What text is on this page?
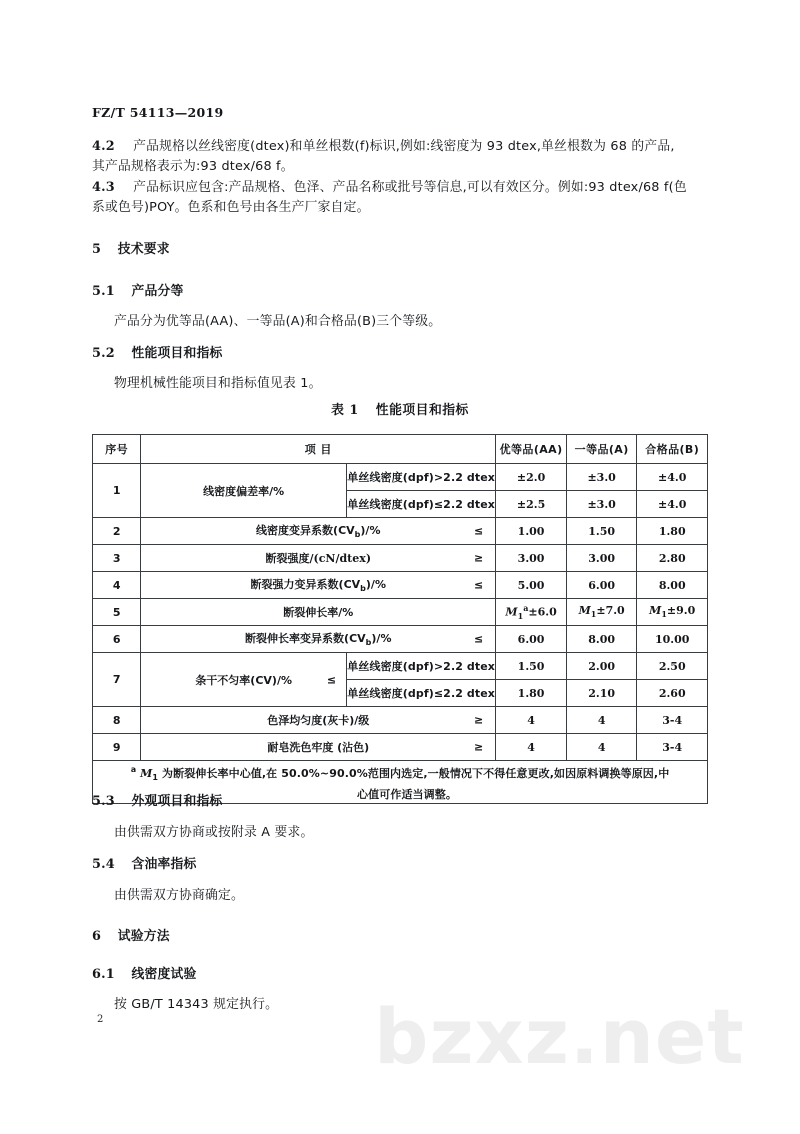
bzxz.net
FZ/T 54113—2019
4.2 产品规格以丝线密度(dtex)和单丝根数(f)标识,例如:线密度为 93 dtex,单丝根数为 68 的产品,
其产品规格表示为:93 dtex/68 f。
4.3 产品标识应包含:产品规格、色泽、产品名称或批号等信息,可以有效区分。例如:93 dtex/68 f(色
系或色号)POY。色系和色号由各生产厂家自定。
5 技术要求
5.1 产品分等
产品分为优等品(AA)、一等品(A)和合格品(B)三个等级。
5.2 性能项目和指标
物理机械性能项目和指标值见表 1。
表 1 性能项目和指标
序号	项 目		优等品(AA)	一等品(A)	合格品(B)
1	线密度偏差率/%	单丝线密度(dpf)>2.2 dtex	±2.0	±3.0	±4.0
		单丝线密度(dpf)≤2.2 dtex	±2.5	±3.0	±4.0
2	线密度变异系数$(CV_b)/\%$ ≤		1.00	1.50	1.80
3	断裂强度/(cN/dtex) ≥		3.00	3.00	2.80
4	断裂强力变异系数$(CV_b)/\%$ ≤		5.00	6.00	8.00
5	断裂伸长率/%		$M_1^a\pm 6.0$	$M_1\pm 7.0$	$M_1\pm 9.0$
6	断裂伸长率变异系数$(CV_b)/\%$ ≤		6.00	8.00	10.00
7	条干不匀率(CV)/% ≤	单丝线密度(dpf)>2.2 dtex	1.50	2.00	2.50
		单丝线密度(dpf)≤2.2 dtex	1.80	2.10	2.60
8	色泽均匀度(灰卡)/级 ≥		4	4	3-4
9	耐皂洗色牢度 (沾色) ≥		4	4	3-4
$^a$ $M_1$ 为断裂伸长率中心值,在 50.0%~90.0%范围内选定,一般情况下不得任意更改,如因原料调换等原因,中
心值可作适当调整。					
5.3 外观项目和指标
由供需双方协商或按附录 A 要求。
5.4 含油率指标
由供需双方协商确定。
6 试验方法
6.1 线密度试验
按 GB/T 14343 规定执行。
2
